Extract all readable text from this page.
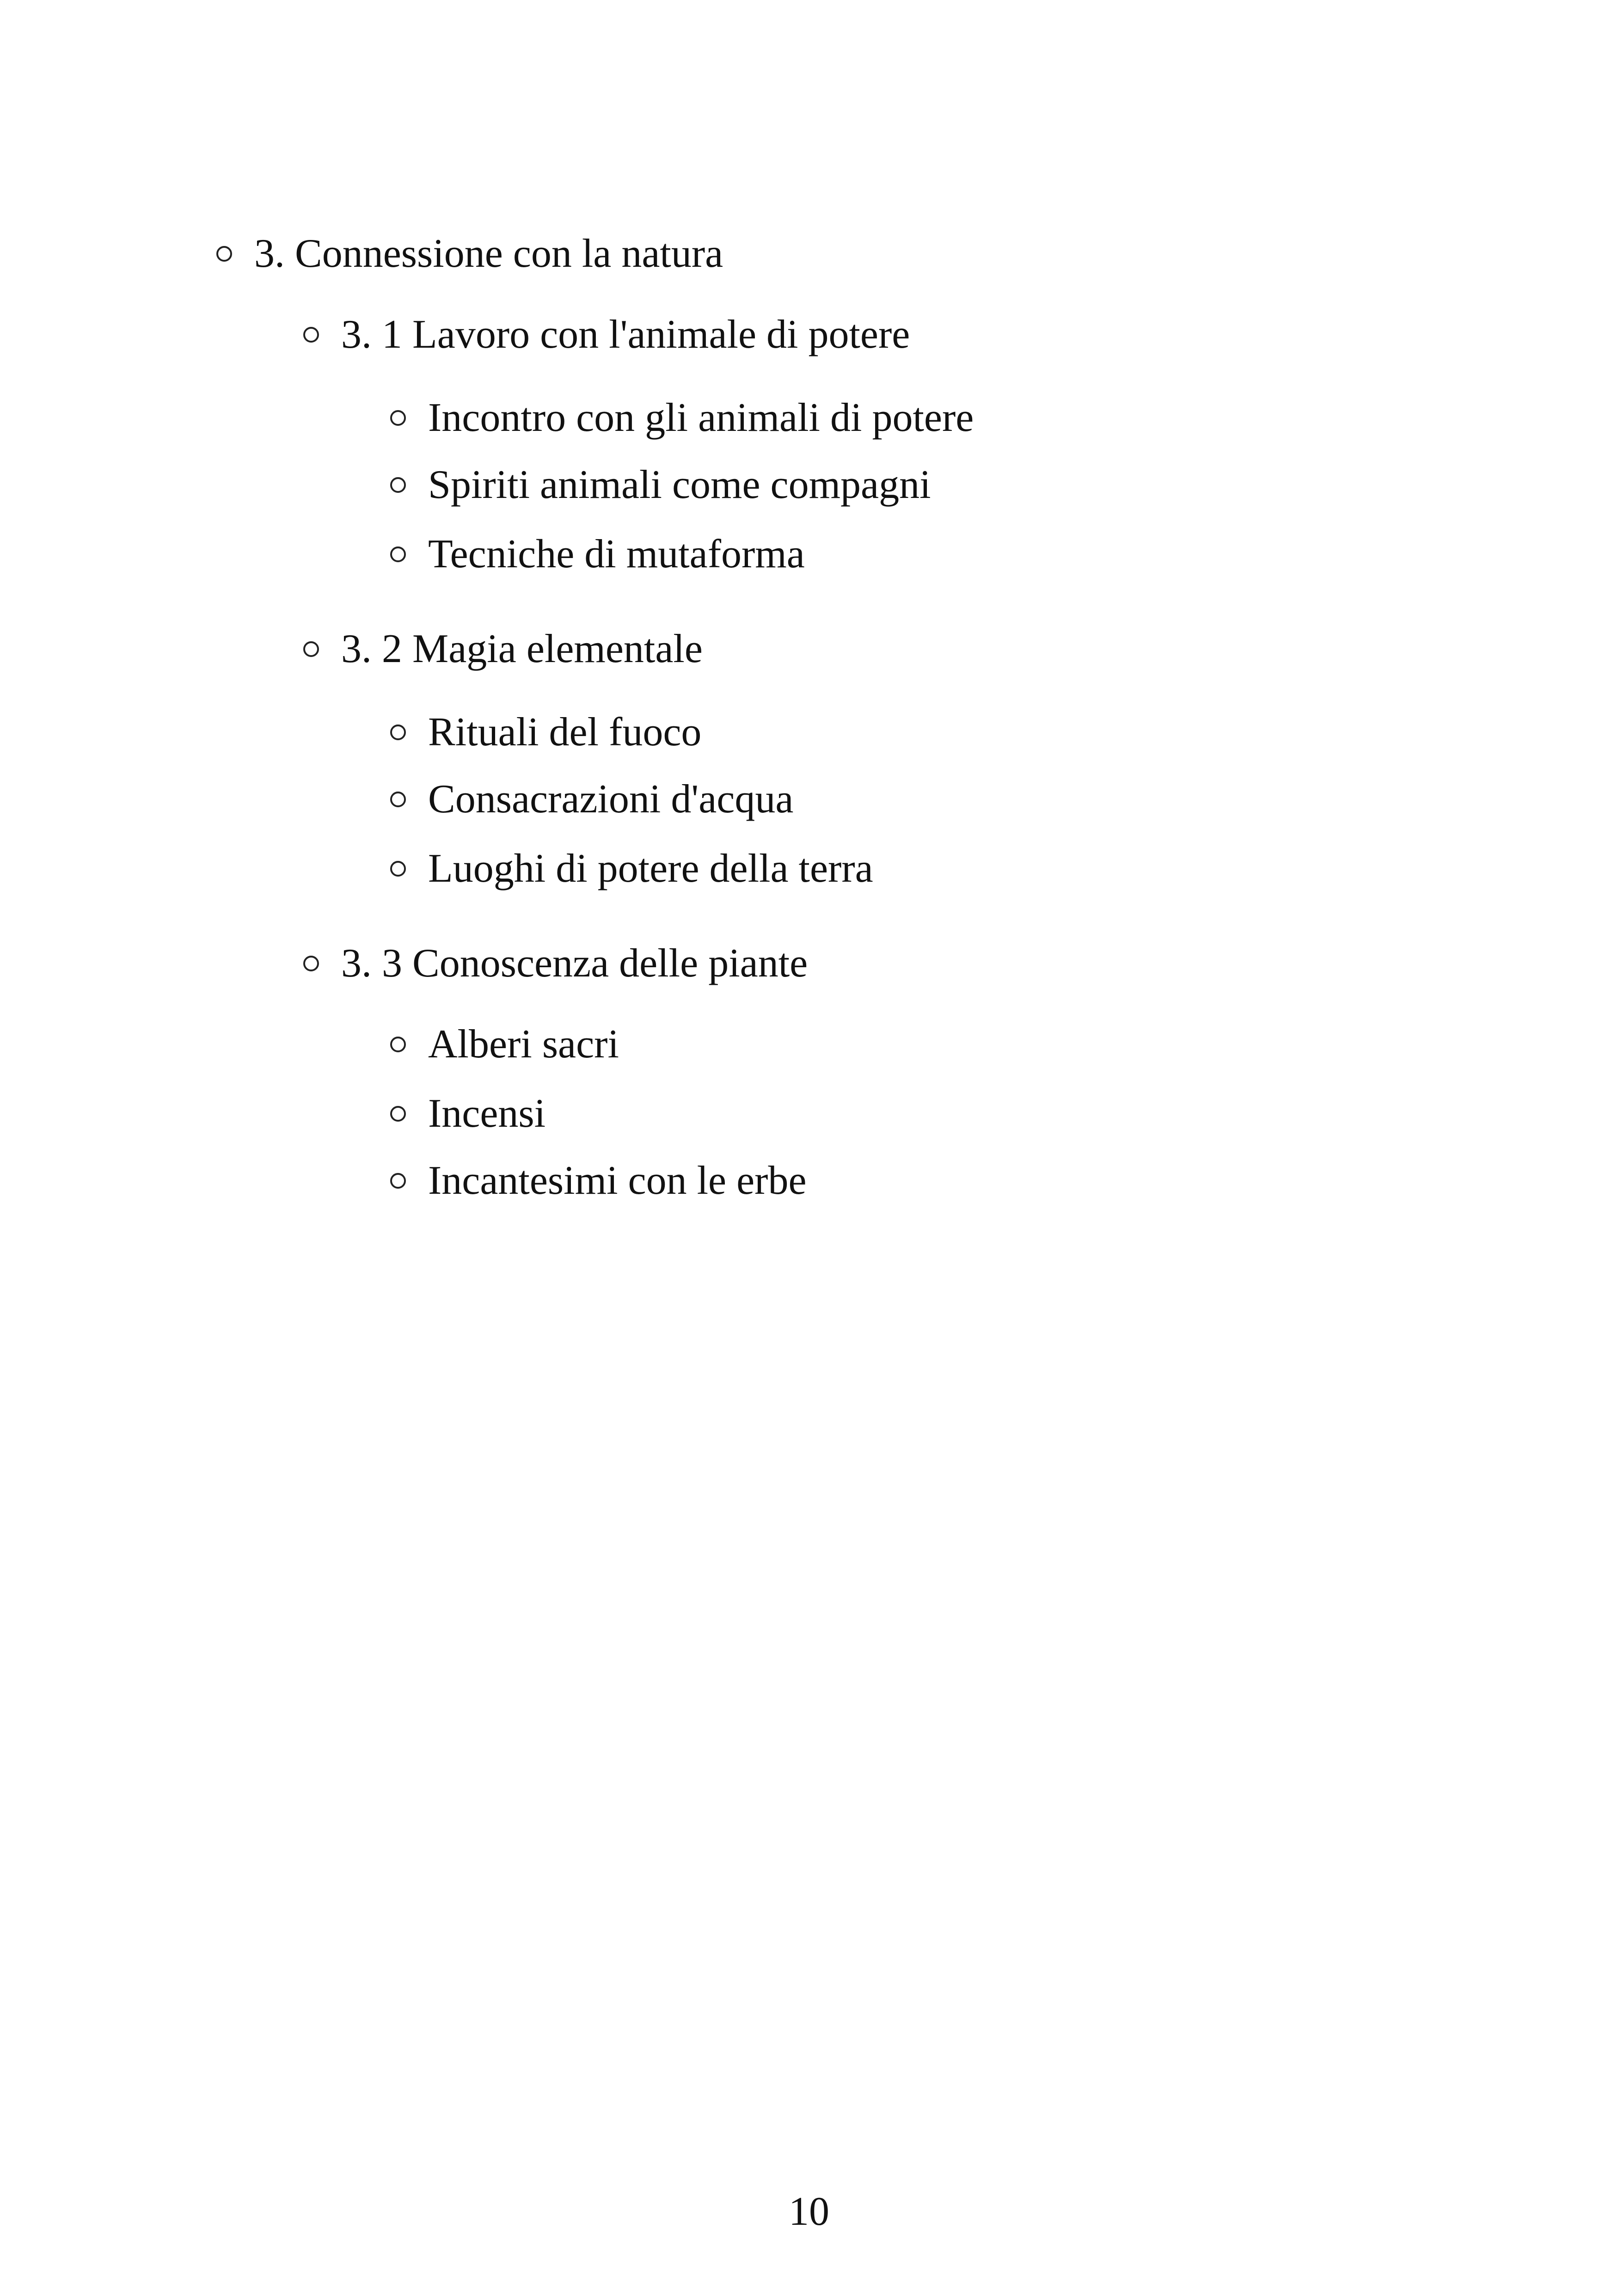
3. Connessione con la natura
3. 1 Lavoro con l'animale di potere
Incontro con gli animali di potere
Spiriti animali come compagni
Tecniche di mutaforma
3. 2 Magia elementale
Rituali del fuoco
Consacrazioni d'acqua
Luoghi di potere della terra
3. 3 Conoscenza delle piante
Alberi sacri
Incensi
Incantesimi con le erbe
10
